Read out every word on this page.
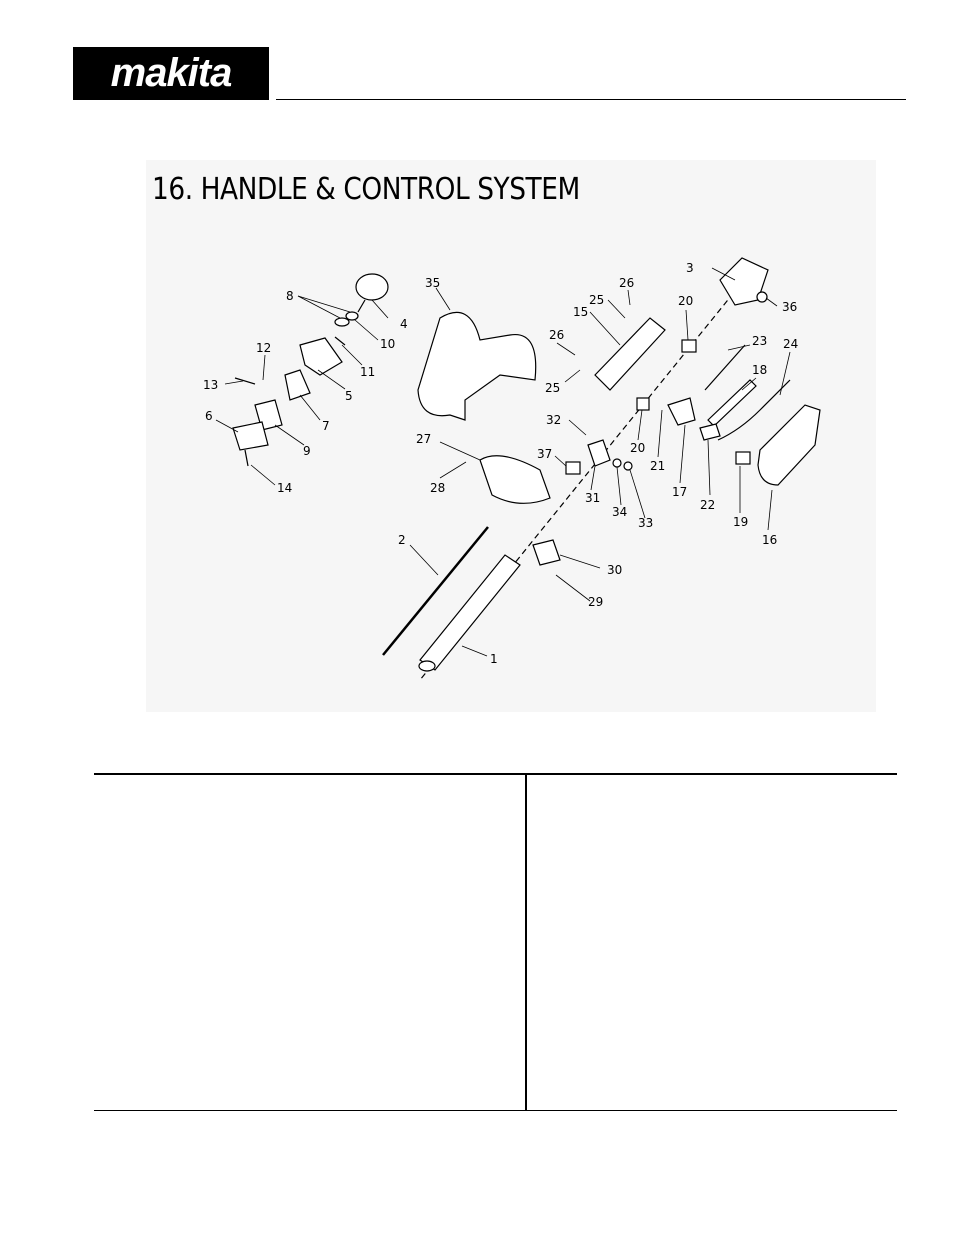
makita
16. HANDLE & CONTROL SYSTEM
1
2
3
4
5
6
7
8
9
10
11
12
13
14
15
16
17
18
19
20
20
21
22
23 24
25
25
26
26
27
28
29
30
31
32
33
34
35
36
37
